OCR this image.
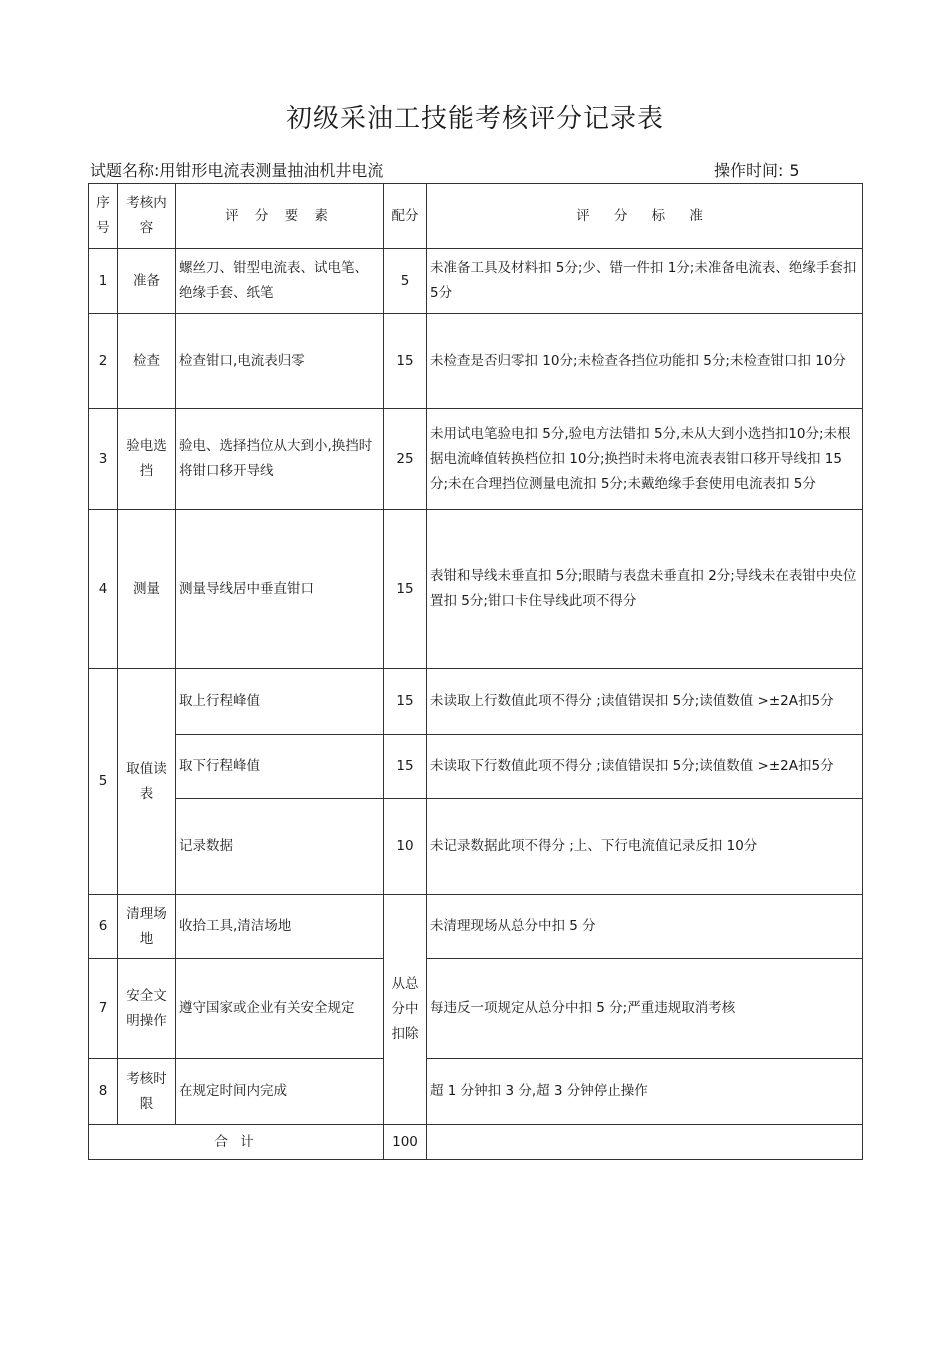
初级采油工技能考核评分记录表
试题名称:用钳形电流表测量抽油机井电流	操作时间: 5
序号	考核内容	评 分 要 素	配分	评 分 标 准
1	准备	螺丝刀、钳型电流表、试电笔、绝缘手套、纸笔	5	未准备工具及材料扣 5分;少、错一件扣 1分;未准备电流表、绝缘手套扣 5分
2	检查	检查钳口,电流表归零	15	未检查是否归零扣 10分;未检查各挡位功能扣 5分;未检查钳口扣 10分
3	验电选挡	验电、选择挡位从大到小,换挡时将钳口移开导线	25	未用试电笔验电扣 5分,验电方法错扣 5分,未从大到小选挡扣10分;未根据电流峰值转换档位扣 10分;换挡时未将电流表表钳口移开导线扣 15分;未在合理挡位测量电流扣 5分;未戴绝缘手套使用电流表扣 5分
4	测量	测量导线居中垂直钳口	15	表钳和导线未垂直扣 5分;眼睛与表盘未垂直扣 2分;导线未在表钳中央位置扣 5分;钳口卡住导线此项不得分
5	取值读表	取上行程峰值	15	未读取上行数值此项不得分 ;读值错误扣 5分;读值数值 >±2A扣5分
		取下行程峰值	15	未读取下行数值此项不得分 ;读值错误扣 5分;读值数值 >±2A扣5分
		记录数据	10	未记录数据此项不得分 ;上、下行电流值记录反扣 10分
6	清理场地	收拾工具,清洁场地	从总分中扣除	未清理现场从总分中扣 5 分
7	安全文明操作	遵守国家或企业有关安全规定		每违反一项规定从总分中扣 5 分;严重违规取消考核
8	考核时限	在规定时间内完成		超 1 分钟扣 3 分,超 3 分钟停止操作
合 计			100	
